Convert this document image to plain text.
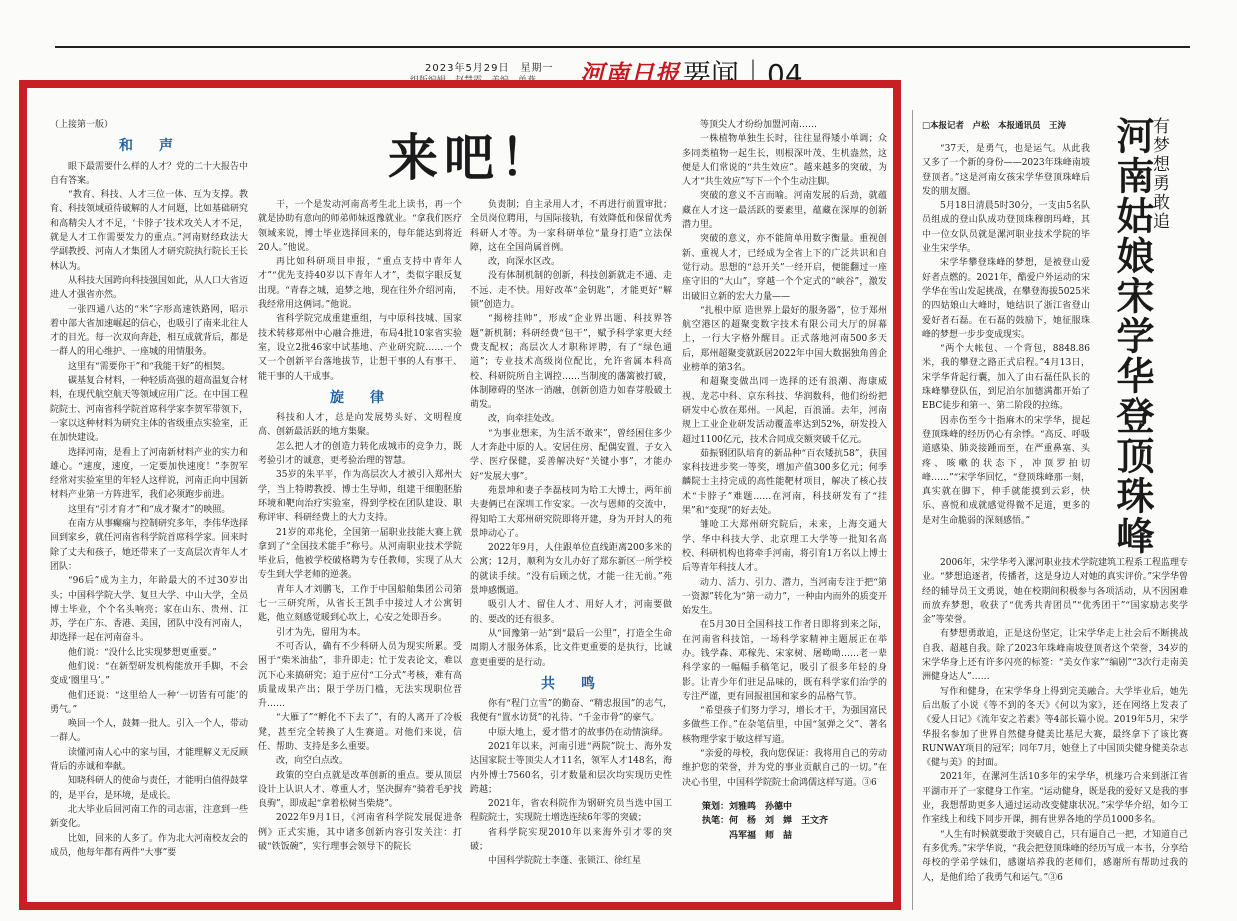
2023年5月29日　星期一
组版编辑　赵慧霞　美编　单燕 河南日报 要闻｜04

（上接第一版）

和　声

眼下最需要什么样的人才？党的二十大报告中自有答案。

“教育、科技、人才三位一体、互为支撑。教育、科技领域亟待破解的人才问题，比如基础研究和高精尖人才不足，‘卡脖子’技术攻关人才不足，就是人才工作需要发力的重点。”河南财经政法大学副教授、河南人才集团人才研究院执行院长王长林认为。

从科技大国跨向科技强国如此，从人口大省迈进人才强省亦然。

一张四通八达的“米”字形高速铁路网，昭示着中部大省加速崛起的信心，也吸引了南来北往人才的目光。每一次双向奔赴，相互成就背后，都是一群人的用心维护、一座城的用情服务。

这里有“需要你干”和“我能干好”的相契。

碳基复合材料，一种轻质高强的超高温复合材料，在现代航空航天等领域应用广泛。在中国工程院院士、河南省科学院首席科学家李贺军带领下，一家以这种材料为研究主体的省级重点实验室，正在加快建设。

选择河南，是看上了河南新材料产业的实力和雄心。“速度，速度，一定要加快速度！”李贺军经常对实验室里的年轻人这样说，河南正向中国新材料产业第一方阵进军，我们必须跑步前进。

这里有“引才育才”和“成才聚才”的映照。

在南方从事癫痫与控制研究多年，李伟华选择回到家乡，就任河南省科学院首席科学家。回来时除了丈夫和孩子，她还带来了一支高层次青年人才团队：

“96后”成为主力，年龄最大的不过30岁出头；中国科学院大学、复旦大学、中山大学，全员博士毕业，个个名头响亮；家在山东、贵州、江苏，学在广东、香港、美国，团队中没有河南人，却选择一起在河南奋斗。

他们说：“没什么比实现梦想更重要。”

他们说：“在新型研发机构能放开手脚，不会变成‘圈里马’。”

他们还说：“这里给人一种‘一切皆有可能’的勇气。”

唤回一个人，鼓舞一批人。引入一个人，带动一群人。

读懂河南人心中的家与国，才能理解义无反顾背后的赤诚和奉献。

知晓科研人的使命与责任，才能明白值得鼓掌的，是平台，是环境，是成长。

北大毕业后回河南工作的司志雷，注意到一些新变化。

比如，回来的人多了。作为北大河南校友会的成员，他每年都有两件“大事”要

来吧！

干，一个是发动河南高考生北上读书，再一个就是协助有意向的师弟师妹返豫就业。“拿我们医疗领域来说，博士毕业选择回来的，每年能达到将近20人。”他说。

再比如科研项目申报，“重点支持中青年人才”“优先支持40岁以下青年人才”，类似字眼反复出现。“青春之城，追梦之地，现在往外介绍河南，我经常用这俩词。”他说。

省科学院完成重建重组，与中原科技城、国家技术转移郑州中心融合推进，布局4批10家省实验室，设立2批46家中试基地、产业研究院……一个又一个创新平台落地拔节，让想干事的人有事干、能干事的人干成事。

旋　律

科技和人才，总是向发展势头好、文明程度高、创新最活跃的地方集聚。

怎么把人才的创造力转化成城市的竞争力，既考验引才的诚意，更考验治理的智慧。

35岁的朱平平，作为高层次人才被引入郑州大学，当上特聘教授、博士生导师，组建干细胞胚胎环境和靶向治疗实验室，得到学校在团队建设、职称评审、科研经费上的大力支持。

21岁的邓兆伦，全国第一届职业技能大赛上就拿到了“全国技术能手”称号。从河南职业技术学院毕业后，他被学校破格聘为专任教师，实现了从大专生到大学老师的逆袭。

青年人才刘鹏飞，工作于中国船舶集团公司第七一三研究所，从省长王凯手中接过人才公寓钥匙，他立刻感觉暖到心坎上，心安之处即吾乡。

引才为先，留用为本。

不可否认，确有不少科研人员为现实所累。受困于“柴米油盐”，非升即走；忙于发表论文，难以沉下心来搞研究；迫于应付“工分式”考核，难有高质量成果产出；限于学历门槛，无法实现职位晋升……

“大雁了”“孵化不下去了”，有的人离开了冷板凳，甚至完全转换了人生赛道。对他们来说，信任、帮助、支持是多么重要。

改，向空白点改。

政策的空白点就是改革创新的重点。要从顶层设计上认识人才、尊重人才，坚决摒弃“骑着毛驴找良驹”，即成起“拿着松树当柴烧”。

2022年9月1日，《河南省科学院发展促进条例》正式实施，其中诸多创新内容引发关注：打破“铁饭碗”，实行理事会领导下的院长

负责制；自主录用人才，不再进行前置审批；全员岗位聘用，与国际接轨，有效降低和保留优秀科研人才等。为一家科研单位“量身打造”立法保障，这在全国尚属首例。

改，向深水区改。

没有体制机制的创新，科技创新就走不通、走不远、走不快。用好改革“金钥匙”，才能更好“解锁”创造力。

“揭榜挂帅”，形成“企业界出题、科技界答题”新机制；科研经费“包干”，赋予科学家更大经费支配权；高层次人才职称评聘，有了“绿色通道”；专业技术高级岗位配比，允许省属本科高校、科研院所自主调控……当制度的藩篱被打破，体制障碍的坚冰一消融，创新创造力如春芽般破土萌发。

改，向牵挂处改。

“为事业想来，为生活不敢来”，曾经困住多少人才奔赴中原的人。安居住房、配偶安置、子女入学、医疗保健，妥善解决好“关键小事”，才能办好“发展大事”。

苑景坤和妻子李磊枝同为哈工大博士，两年前夫妻俩已在深圳工作安家。一次与恩师的交流中，得知哈工大郑州研究院即将开建，身为开封人的苑景坤动心了。

2022年9月，人住跟单位直线距离200多米的公寓；12月，顺利为女儿办好了郑东新区一所学校的就读手续。“没有后顾之忧，才能一往无前。”苑景坤感慨道。

吸引人才、留住人才、用好人才，河南要做的、要改的还有很多。

从“回豫第一站”到“最后一公里”，打造全生命周期人才服务体系，比文件更重要的是执行，比诚意更重要的是行动。

共　鸣

你有“程门立雪”的勤奋、“精忠报国”的志气，我便有“置水访贤”的礼待、“千金市骨”的豪气。

中原大地上，爱才惜才的故事仍在动情演绎。

2021年以来，河南引进“两院”院士、海外发达国家院士等顶尖人才11名，领军人才148名，海内外博士7560名，引才数量和层次均实现历史性跨越；

2021年，省农科院作为钢研究员当选中国工程院院士，实现院士增选连续6年零的突破；

省科学院实现2010年以来海外引才零的突破；

中国科学院院士李蓬、张锁江、徐红星

等顶尖人才纷纷加盟河南……

一株植物单独生长时，往往显得矮小单调；众多同类植物一起生长，则根深叶茂、生机盎然，这便是人们常说的“共生效应”。越来越多的突破，为人才“共生效应”写下一个个生动注脚。

突破的意义不言而喻。河南发展的后劲，就蕴藏在人才这一最活跃的要素里，蕴藏在深厚的创新潜力里。

突破的意义，亦不能简单用数字衡量。重视创新、重视人才，已经成为全省上下的广泛共识和自觉行动。思想的“总开关”一经开启，便能翻过一座座守旧的“大山”，穿越一个个定式的“峡谷”，激发出破旧立新的宏大力量——

“扎根中原 造世界上最好的服务器”，位于郑州航空港区的超聚变数字技术有限公司大厅的屏幕上，一行大字格外醒目。正式落地河南500多天后，郑州超聚变就跃居2022年中国大数据独角兽企业榜单的第3名。

和超聚变做出同一选择的还有浪潮、海康威视、龙芯中科、京东科技、华润数科，他们纷纷把研发中心放在郑州。一风起，百浪涌。去年，河南规上工业企业研发活动覆盖率达到52%，研发投入超过1100亿元，技术合同成交额突破千亿元。

茹振钢团队培育的新品种“百农矮抗58”，获国家科技进步奖一等奖，增加产值300多亿元；何季麟院士主持完成的高性能靶材项目，解决了核心技术“卡脖子”难题……在河南，科技研发有了“挂果”和“变现”的好去处。

雏呛工大郑州研究院后，未来，上海交通大学、华中科技大学、北京理工大学等一批知名高校、科研机构也将牵手河南，将引育1万名以上博士后等青年科技人才。

动力、活力、引力、潜力，当河南专注于把“第一资源”转化为“第一动力”，一种由内而外的质变开始发生。

在5月30日全国科技工作者日即将到来之际，在河南省科技馆，一场科学家精神主题展正在举办。钱学森、邓稼先、宋家树、屠呦呦……老一辈科学家的一幅幅手稿笔记，吸引了很多年轻的身影。让青少年们驻足品味的，既有科学家们治学的专注严谨，更有回报祖国和家乡的品格气节。

“希望孩子们努力学习，增长才干，为强国富民多做些工作。”在杂笔信里，中国“氢弹之父”、著名核物理学家于敏这样写道。

“亲爱的母校，我向您保证：我将用自己的劳动维护您的荣誉，并为党的事业贡献自己的一切。”在决心书里，中国科学院院士俞鸿儒这样写道。③6

策划：刘雅鸣　孙德中
执笔：何　杨　刘　婵　王文齐
　　　冯军福　师　喆
□本报记者　卢松　本报通讯员　王涛	有梦想勇敢追
河南姑娘宋学华登顶珠峰

“37天，是勇气，也是运气。从此我又多了一个新的身份——2023年珠峰南坡登顶者。”这是河南女孩宋学华登顶珠峰后发的朋友圈。

5月18日清晨5时30分，一支由5名队员组成的登山队成功登顶珠穆朗玛峰，其中一位女队员就是漯河职业技术学院的毕业生宋学华。

宋学华攀登珠峰的梦想，是被登山爱好者点燃的。2021年，酷爱户外运动的宋学华在雪山发起挑战，在攀登海拔5025米的四姑娘山大峰时，她结识了浙江省登山爱好者石磊。在石磊的鼓励下，她征服珠峰的梦想一步步变成现实。

“两个大帐包、一个背包，8848.86米，我的攀登之路正式启程。”4月13日，宋学华背起行囊，加入了由石磊任队长的珠峰攀登队伍，到尼泊尔加德满都开始了EBC徒步和第一、第二阶段的拉练。

因赤伤至今十指麻木的宋学华，提起登顶珠峰的经历仍心有余悸。“高反、呼吸道感染、肺炎接踵而至，在严重鼻塞、头疼、咳嗽的状态下，冲顶罗拍切峰……”“宋学华回忆，“登顶珠峰那一刻，真实就在脚下，伸手就能摸到云彩，快乐、喜悦和成就感觉得微不足道，更多的是对生命脆弱的深刻感悟。”

2006年，宋学华考入漯河职业技术学院建筑工程系工程监理专业。“梦想追逐者，传播者，这是身边人对她的真实评价。”宋学华曾经的辅导员王文勇说，她在校期间积极参与各项活动，从不因困难而放弃梦想，收获了“优秀共青团员”“优秀团干”“国家励志奖学金”等荣誉。

有梦想勇敢追，正是这份坚定，让宋学华走上社会后不断挑战自我、超越自我。除了2023年珠峰南坡登顶者这个荣誉，34岁的宋学华身上还有许多闪亮的标签：“美女作家”“编剧”“3次行走南美洲健身达人”……

写作和健身，在宋学华身上得到完美融合。大学毕业后，她先后出版了小说《等不到的冬天》《何以为家》，还在网络上发表了《爱人日记》《流年安之若素》等4部长篇小说。2019年5月，宋学华报名参加了世界自然健身健美比基尼大赛，最终拿下了该比赛RUNWAY项目的冠军；同年7月，她登上了中国顶尖健身健美杂志《健与美》的封面。

2021年，在漯河生活10多年的宋学华，机缘巧合来到浙江省平湖市开了一家健身工作室。“运动健身，既是我的爱好又是我的事业，我想帮助更多人通过运动改变健康状况。”宋学华介绍，如今工作室线上和线下同步开课，拥有世界各地的学员1000多名。

“人生有时候就要敢于突破自己，只有逼自己一把，才知道自己有多优秀。”宋学华说，“我会把登顶珠峰的经历写成一本书，分享给母校的学弟学妹们，感谢培养我的老师们，感谢所有帮助过我的人，是他们给了我勇气和运气。”③6
